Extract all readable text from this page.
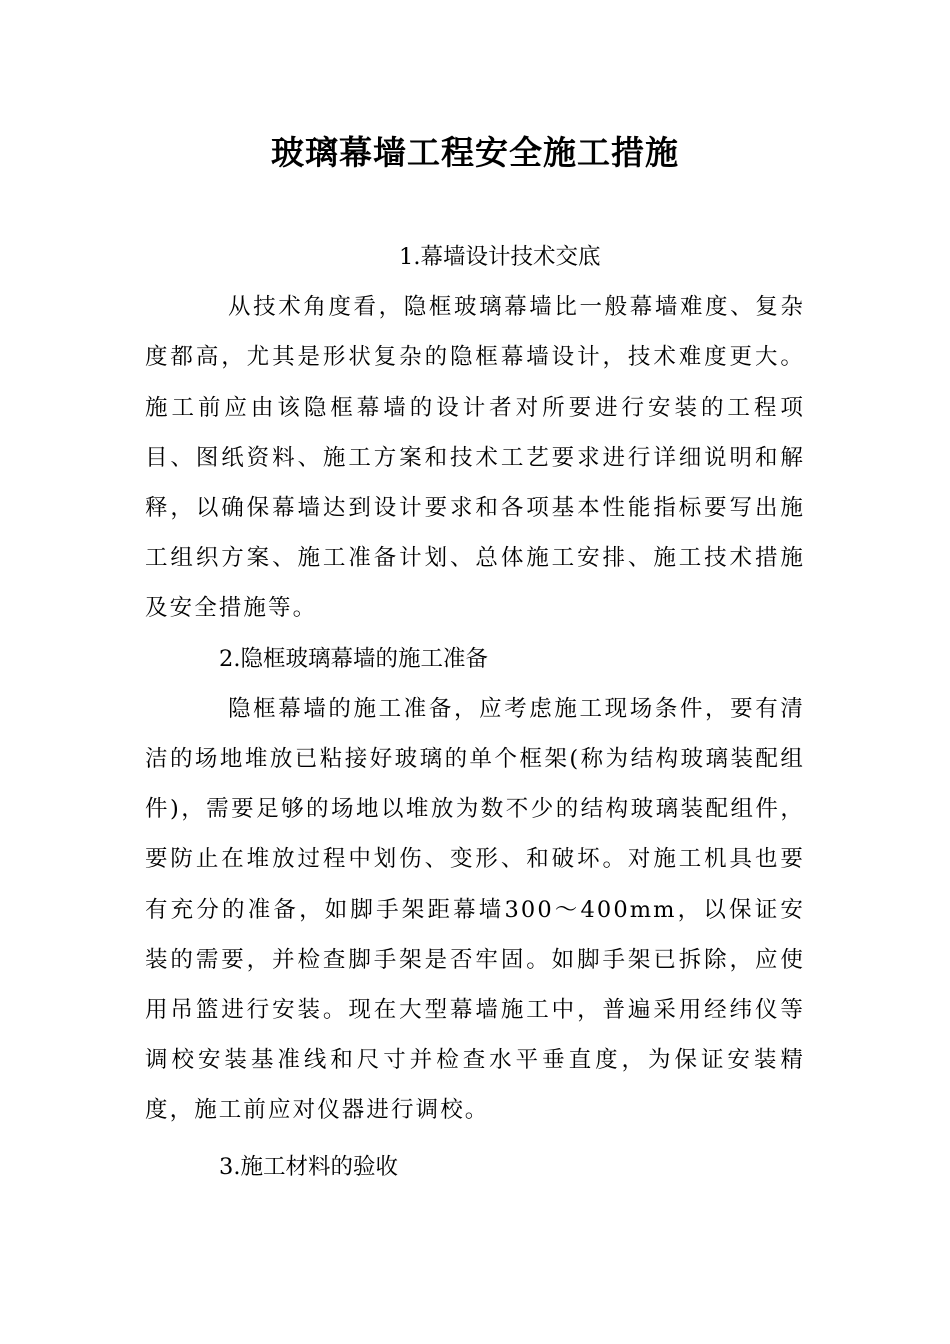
玻璃幕墙工程安全施工措施

1.幕墙设计技术交底

从技术角度看，隐框玻璃幕墙比一般幕墙难度、复杂度都高，尤其是形状复杂的隐框幕墙设计，技术难度更大。施工前应由该隐框幕墙的设计者对所要进行安装的工程项目、图纸资料、施工方案和技术工艺要求进行详细说明和解释，以确保幕墙达到设计要求和各项基本性能指标要写出施工组织方案、施工准备计划、总体施工安排、施工技术措施及安全措施等。

2.隐框玻璃幕墙的施工准备

隐框幕墙的施工准备，应考虑施工现场条件，要有清洁的场地堆放已粘接好玻璃的单个框架(称为结构玻璃装配组件)，需要足够的场地以堆放为数不少的结构玻璃装配组件，要防止在堆放过程中划伤、变形、和破坏。对施工机具也要有充分的准备，如脚手架距幕墙300～400mm，以保证安装的需要，并检查脚手架是否牢固。如脚手架已拆除，应使用吊篮进行安装。现在大型幕墙施工中，普遍采用经纬仪等调校安装基准线和尺寸并检查水平垂直度，为保证安装精度，施工前应对仪器进行调校。

3.施工材料的验收
